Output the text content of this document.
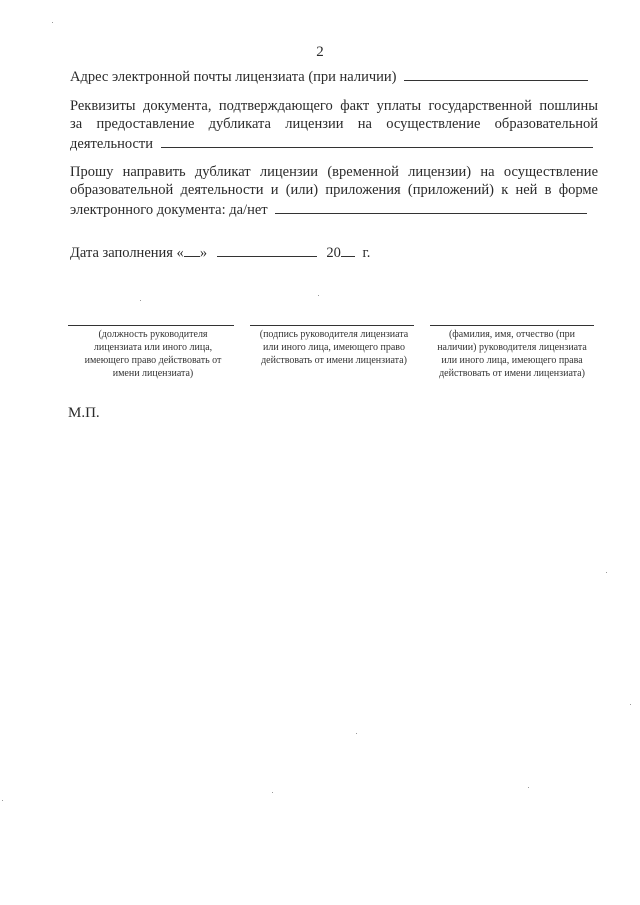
2
Адрес электронной почты лицензиата (при наличии)
Реквизиты документа, подтверждающего факт уплаты государственной пошлины
за предоставление дубликата лицензии на осуществление образовательной
деятельности
Прошу направить дубликат лицензии (временной лицензии) на осуществление
образовательной деятельности и (или) приложения (приложений) к ней в форме
электронного документа: да/нет
Дата заполнения « »	20 г.
(должность руководителя
лицензиата или иного лица,
имеющего право действовать от
имени лицензиата)
(подпись руководителя лицензиата
или иного лица, имеющего право
действовать от имени лицензиата)
(фамилия, имя, отчество (при
наличии) руководителя лицензиата
или иного лица, имеющего права
действовать от имени лицензиата)
М.П.
